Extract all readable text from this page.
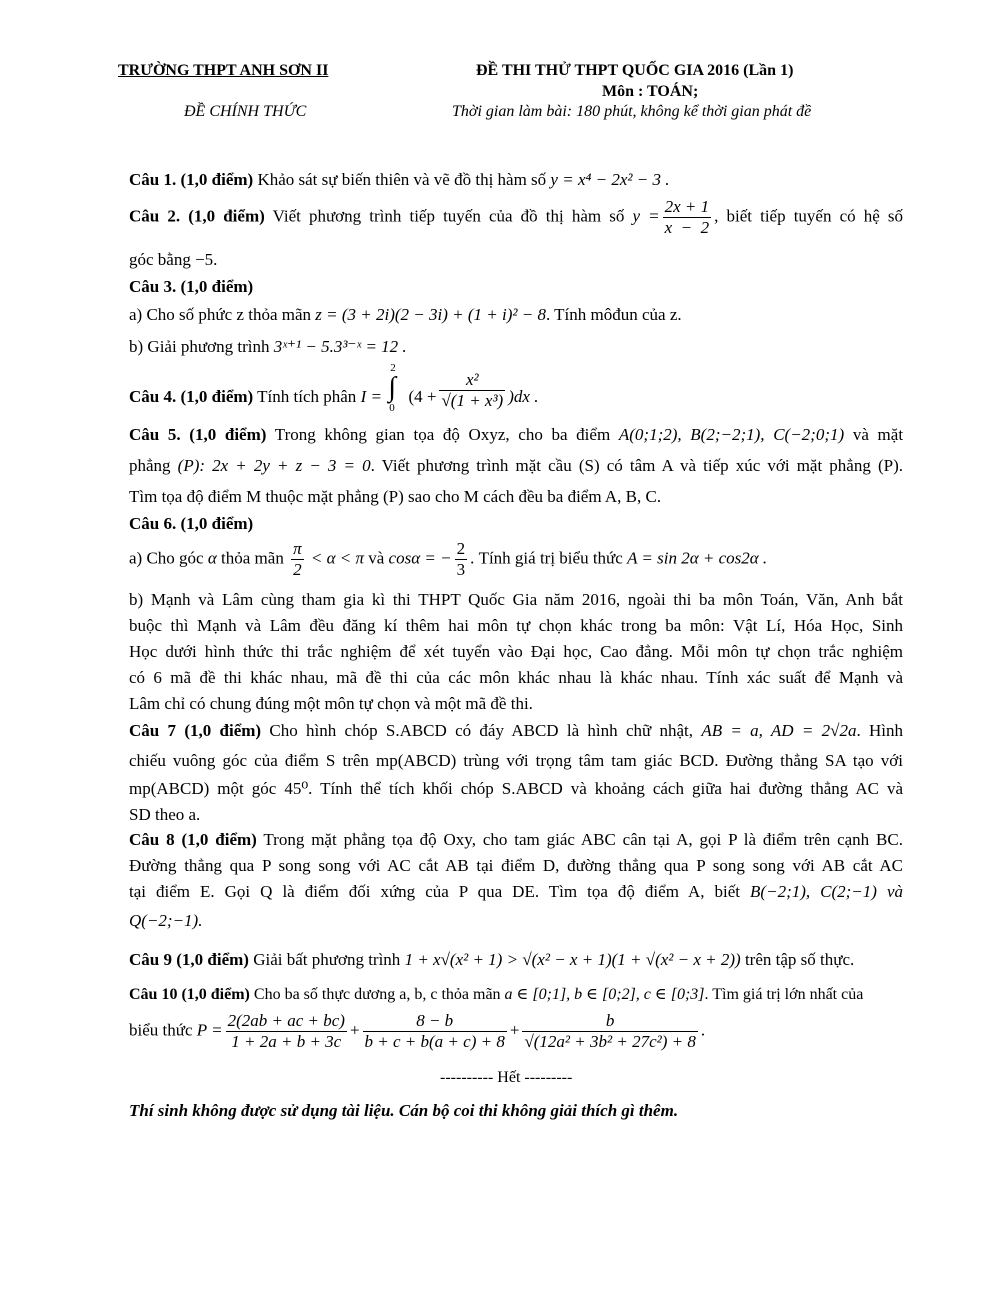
TRƯỜNG THPT ANH SƠN II	ĐỀ THI THỬ THPT QUỐC GIA 2016 (Lần 1)
Môn : TOÁN;
ĐỀ CHÍNH THỨC	Thời gian làm bài: 180 phút, không kể thời gian phát đề
Câu 1. (1,0 điểm) Khảo sát sự biến thiên và vẽ đồ thị hàm số y = x⁴ − 2x² − 3 .
Câu 2. (1,0 điểm) Viết phương trình tiếp tuyến của đồ thị hàm số $y = \frac{2x + 1}{x - 2}$ , biết tiếp tuyến có hệ số
góc bằng −5.
Câu 3. (1,0 điểm)
a) Cho số phức z thỏa mãn z = (3 + 2i)(2 − 3i) + (1 + i)² − 8. Tính môđun của z.
b) Giải phương trình 3ˣ⁺¹ − 5.3³⁻ˣ = 12 .
Câu 4. (1,0 điểm) Tính tích phân I =
2
∫
0
$(4 + \frac{\text{x²}}{\text{√(1 + x³)}} )dx$ .
Câu 5. (1,0 điểm) Trong không gian tọa độ Oxyz, cho ba điểm A(0;1;2), B(2;−2;1), C(−2;0;1) và mặt
phẳng (P): 2x + 2y + z − 3 = 0. Viết phương trình mặt cầu (S) có tâm A và tiếp xúc với mặt phẳng (P).
Tìm tọa độ điểm M thuộc mặt phẳng (P) sao cho M cách đều ba điểm A, B, C.
Câu 6. (1,0 điểm)
a) Cho góc α thỏa mãn $\frac{\pi}{2} < \alpha < \pi$ và cosα = − $\frac{2}{3}$ . Tính giá trị biểu thức A = sin 2α + cos2α .
b) Mạnh và Lâm cùng tham gia kì thi THPT Quốc Gia năm 2016, ngoài thi ba môn Toán, Văn, Anh bắt
buộc thì Mạnh và Lâm đều đăng kí thêm hai môn tự chọn khác trong ba môn: Vật Lí, Hóa Học, Sinh
Học dưới hình thức thi trắc nghiệm để xét tuyển vào Đại học, Cao đẳng. Mỗi môn tự chọn trắc nghiệm
có 6 mã đề thi khác nhau, mã đề thi của các môn khác nhau là khác nhau. Tính xác suất để Mạnh và
Lâm chỉ có chung đúng một môn tự chọn và một mã đề thi.
Câu 7 (1,0 điểm) Cho hình chóp S.ABCD có đáy ABCD là hình chữ nhật, AB = a, AD = 2√2a. Hình
chiếu vuông góc của điểm S trên mp(ABCD) trùng với trọng tâm tam giác BCD. Đường thẳng SA tạo với
mp(ABCD) một góc 45⁰. Tính thể tích khối chóp S.ABCD và khoảng cách giữa hai đường thẳng AC và
SD theo a.
Câu 8 (1,0 điểm) Trong mặt phẳng tọa độ Oxy, cho tam giác ABC cân tại A, gọi P là điểm trên cạnh BC.
Đường thẳng qua P song song với AC cắt AB tại điểm D, đường thẳng qua P song song với AB cắt AC
tại điểm E. Gọi Q là điểm đối xứng của P qua DE. Tìm tọa độ điểm A, biết B(−2;1), C(2;−1) và
Q(−2;−1).
Câu 9 (1,0 điểm) Giải bất phương trình 1 + x√(x² + 1) > √(x² − x + 1)(1 + √(x² − x + 2)) trên tập số thực.
Câu 10 (1,0 điểm) Cho ba số thực dương a, b, c thỏa mãn a ∈ [0;1], b ∈ [0;2], c ∈ [0;3]. Tìm giá trị lớn nhất của
biểu thức $P = \frac{2(2ab + ac + bc)}{1 + 2a + b + 3c} + \frac{8 - b}{b + c + b(a + c) + 8} + \frac{b}{\text{√(12a² + 3b² + 27c²) + 8}}$ .
---------- Hết ---------
Thí sinh không được sử dụng tài liệu. Cán bộ coi thi không giải thích gì thêm.
